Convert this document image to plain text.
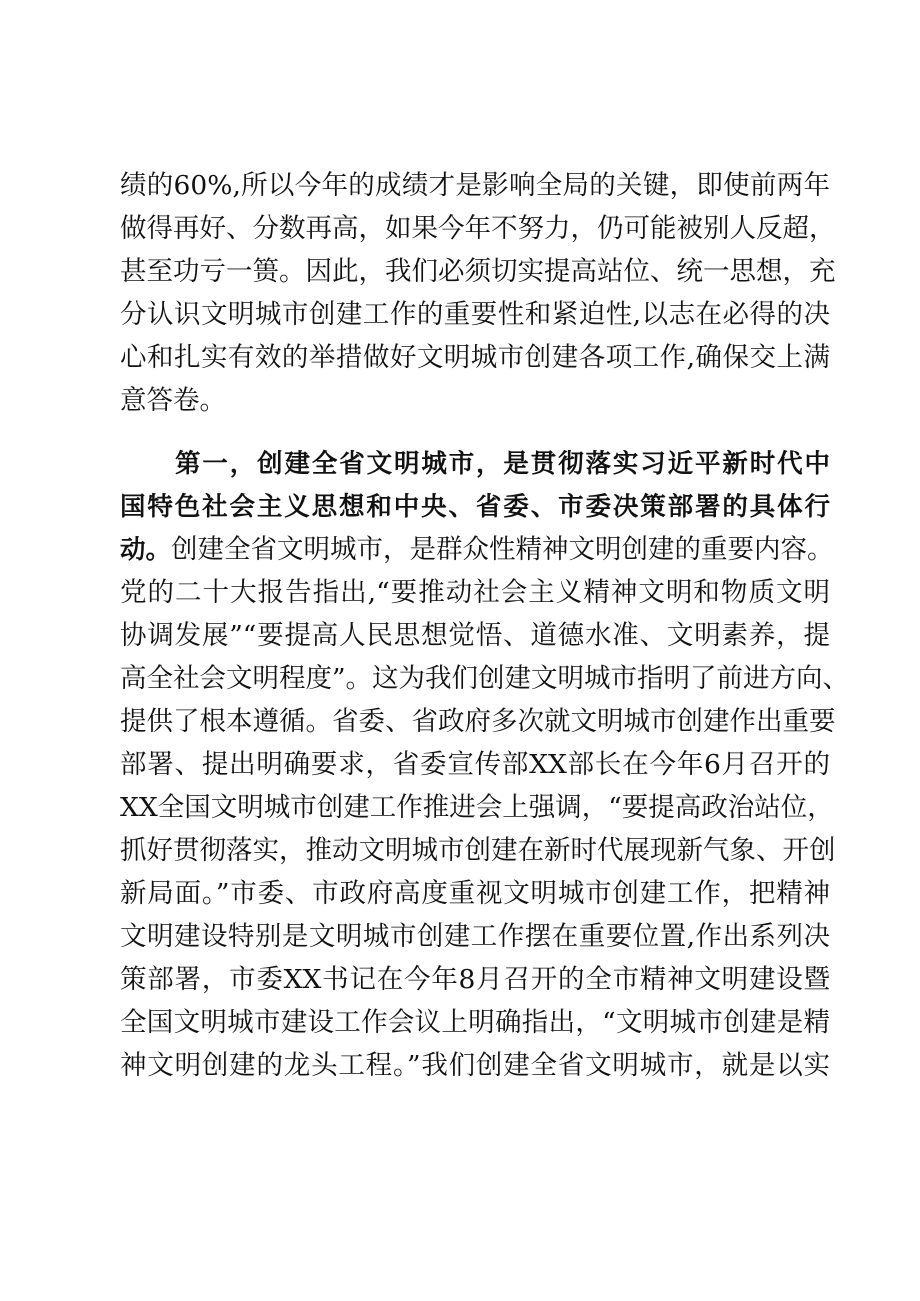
绩的60%,所以今年的成绩才是影响全局的关键，即使前两年
做得再好、分数再高，如果今年不努力，仍可能被别人反超，
甚至功亏一篑。因此，我们必须切实提高站位、统一思想，充
分认识文明城市创建工作的重要性和紧迫性,以志在必得的决
心和扎实有效的举措做好文明城市创建各项工作,确保交上满
意答卷。
第一，创建全省文明城市，是贯彻落实习近平新时代中
国特色社会主义思想和中央、省委、市委决策部署的具体行
动。创建全省文明城市，是群众性精神文明创建的重要内容。
党的二十大报告指出,“要推动社会主义精神文明和物质文明
协调发展”“要提高人民思想觉悟、道德水准、文明素养，提
高全社会文明程度”。这为我们创建文明城市指明了前进方向、
提供了根本遵循。省委、省政府多次就文明城市创建作出重要
部署、提出明确要求，省委宣传部XX部长在今年6月召开的
XX全国文明城市创建工作推进会上强调，“要提高政治站位，
抓好贯彻落实，推动文明城市创建在新时代展现新气象、开创
新局面。”市委、市政府高度重视文明城市创建工作，把精神
文明建设特别是文明城市创建工作摆在重要位置,作出系列决
策部署，市委XX书记在今年8月召开的全市精神文明建设暨
全国文明城市建设工作会议上明确指出，“文明城市创建是精
神文明创建的龙头工程。”我们创建全省文明城市，就是以实
